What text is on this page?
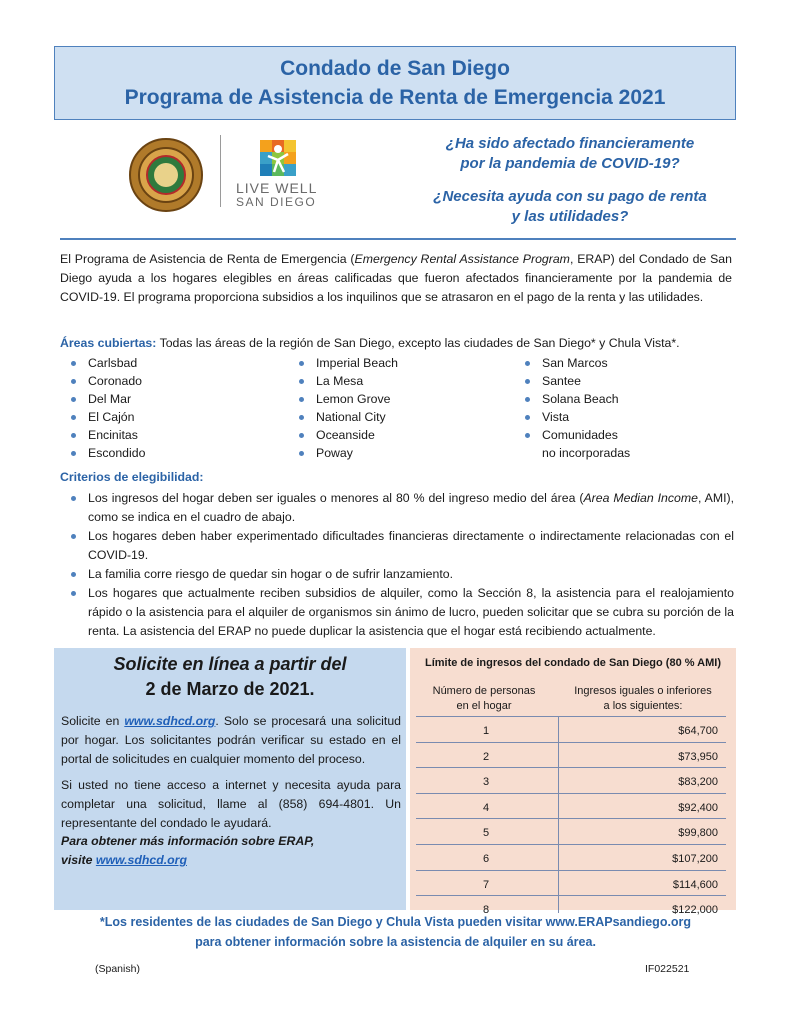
Condado de San Diego
Programa de Asistencia de Renta de Emergencia 2021
LIVE WELL
SAN DIEGO
¿Ha sido afectado financieramente
por la pandemia de COVID-19?
¿Necesita ayuda con su pago de renta
y las utilidades?
El Programa de Asistencia de Renta de Emergencia (Emergency Rental Assistance Program, ERAP) del Condado de San Diego ayuda a los hogares elegibles en áreas calificadas que fueron afectados financieramente por la pandemia de COVID-19. El programa proporciona subsidios a los inquilinos que se atrasaron en el pago de la renta y las utilidades.
Áreas cubiertas: Todas las áreas de la región de San Diego, excepto las ciudades de San Diego* y Chula Vista*.
Carlsbad
Coronado
Del Mar
El Cajón
Encinitas
Escondido
Imperial Beach
La Mesa
Lemon Grove
National City
Oceanside
Poway
San Marcos
Santee
Solana Beach
Vista
Comunidades
no incorporadas
Criterios de elegibilidad:
Los ingresos del hogar deben ser iguales o menores al 80 % del ingreso medio del área (Area Median Income, AMI), como se indica en el cuadro de abajo.
Los hogares deben haber experimentado dificultades financieras directamente o indirectamente relacionadas con el COVID-19.
La familia corre riesgo de quedar sin hogar o de sufrir lanzamiento.
Los hogares que actualmente reciben subsidios de alquiler, como la Sección 8, la asistencia para el realojamiento rápido o la asistencia para el alquiler de organismos sin ánimo de lucro, pueden solicitar que se cubra su porción de la renta. La asistencia del ERAP no puede duplicar la asistencia que el hogar está recibiendo actualmente.
Solicite en línea a partir del
2 de Marzo de 2021.
Solicite en www.sdhcd.org. Solo se procesará una solicitud por hogar. Los solicitantes podrán verificar su estado en el portal de solicitudes en cualquier momento del proceso.
Si usted no tiene acceso a internet y necesita ayuda para completar una solicitud, llame al (858) 694-4801. Un representante del condado le ayudará.
Para obtener más información sobre ERAP,
visite www.sdhcd.org
Límite de ingresos del condado de San Diego (80 % AMI)
Número de personas
en el hogar
Ingresos iguales o inferiores
a los siguientes:
1	$64,700
2	$73,950
3	$83,200
4	$92,400
5	$99,800
6	$107,200
7	$114,600
8	$122,000
*Los residentes de las ciudades de San Diego y Chula Vista pueden visitar www.ERAPsandiego.org
para obtener información sobre la asistencia de alquiler en su área.
(Spanish)	IF022521
